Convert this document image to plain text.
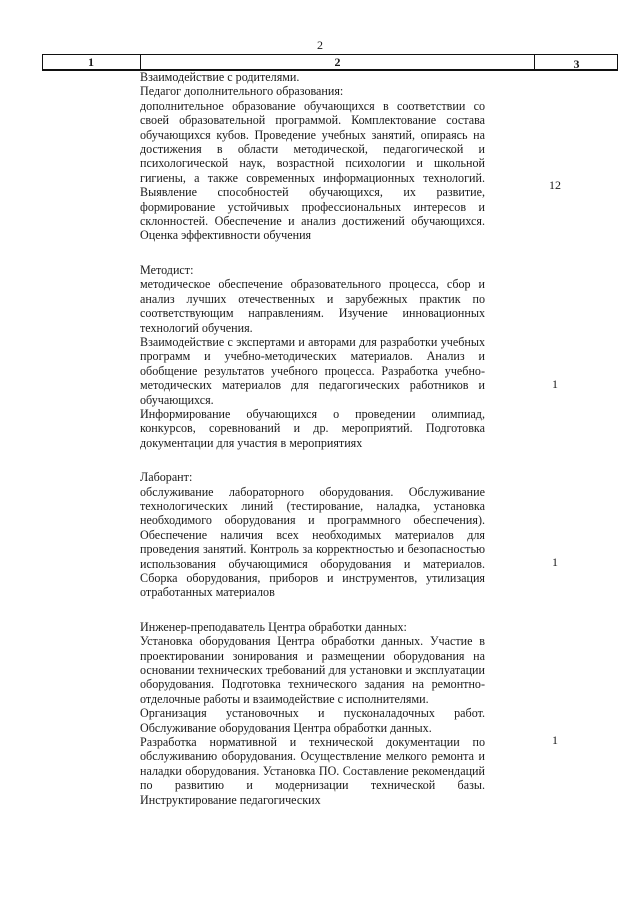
2
1	2	3

Взаимодействие с родителями.

Педагог дополнительного образования:

дополнительное образование обучающихся в соответствии со своей образовательной программой. Комплектование состава обучающихся кубов. Проведение учебных занятий, опираясь на достижения в области методической, педагогической и психологической наук, возрастной психологии и школьной гигиены, а также современных информационных технологий. Выявление способностей обучающихся, их развитие, формирование устойчивых профессиональных интересов и склонностей. Обеспечение и анализ достижений обучающихся. Оценка эффективности обучения

Методист:

методическое обеспечение образовательного процесса, сбор и анализ лучших отечественных и зарубежных практик по соответствующим направлениям. Изучение инновационных технологий обучения.

Взаимодействие с экспертами и авторами для разработки учебных программ и учебно-методических материалов. Анализ и обобщение результатов учебного процесса. Разработка учебно-методических материалов для педагогических работников и обучающихся.

Информирование обучающихся о проведении олимпиад, конкурсов, соревнований и др. мероприятий. Подготовка документации для участия в мероприятиях

Лаборант:

обслуживание лабораторного оборудования. Обслуживание технологических линий (тестирование, наладка, установка необходимого оборудования и программного обеспечения). Обеспечение наличия всех необходимых материалов для проведения занятий. Контроль за корректностью и безопасностью использования обучающимися оборудования и материалов. Сборка оборудования, приборов и инструментов, утилизация отработанных материалов

Инженер-преподаватель Центра обработки данных:

Установка оборудования Центра обработки данных. Участие в проектировании зонирования и размещении оборудования на основании технических требований для установки и эксплуатации оборудования. Подготовка технического задания на ремонтно-отделочные работы и взаимодействие с исполнителями.

Организация установочных и пусконаладочных работ. Обслуживание оборудования Центра обработки данных.

Разработка нормативной и технической документации по обслуживанию оборудования. Осуществление мелкого ремонта и наладки оборудования. Установка ПО. Составление рекомендаций по развитию и модернизации технической базы. Инструктирование педагогических

12
1
1
1
